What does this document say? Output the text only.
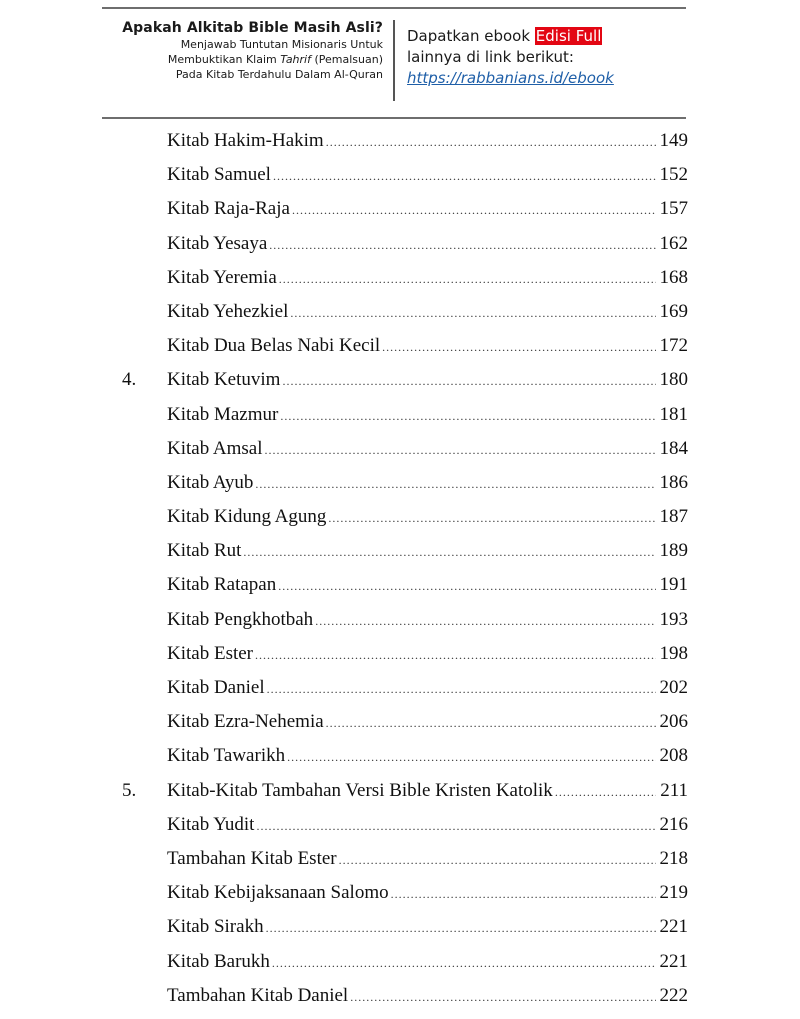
Apakah Alkitab Bible Masih Asli?
Menjawab Tuntutan Misionaris Untuk
Membuktikan Klaim Tahrif (Pemalsuan)
Pada Kitab Terdahulu Dalam Al-Quran
Dapatkan ebook Edisi Full
lainnya di link berikut:
https://rabbanians.id/ebook
Kitab Hakim-Hakim .....	149
Kitab Samuel .....	152
Kitab Raja-Raja .....	157
Kitab Yesaya .....	162
Kitab Yeremia .....	168
Kitab Yehezkiel .....	169
Kitab Dua Belas Nabi Kecil .....	172
4.	Kitab Ketuvim .....	180
Kitab Mazmur .....	181
Kitab Amsal .....	184
Kitab Ayub .....	186
Kitab Kidung Agung .....	187
Kitab Rut .....	189
Kitab Ratapan .....	191
Kitab Pengkhotbah .....	193
Kitab Ester .....	198
Kitab Daniel .....	202
Kitab Ezra-Nehemia .....	206
Kitab Tawarikh .....	208
5.	Kitab-Kitab Tambahan Versi Bible Kristen Katolik .....	211
Kitab Yudit .....	216
Tambahan Kitab Ester .....	218
Kitab Kebijaksanaan Salomo .....	219
Kitab Sirakh .....	221
Kitab Barukh .....	221
Tambahan Kitab Daniel .....	222
